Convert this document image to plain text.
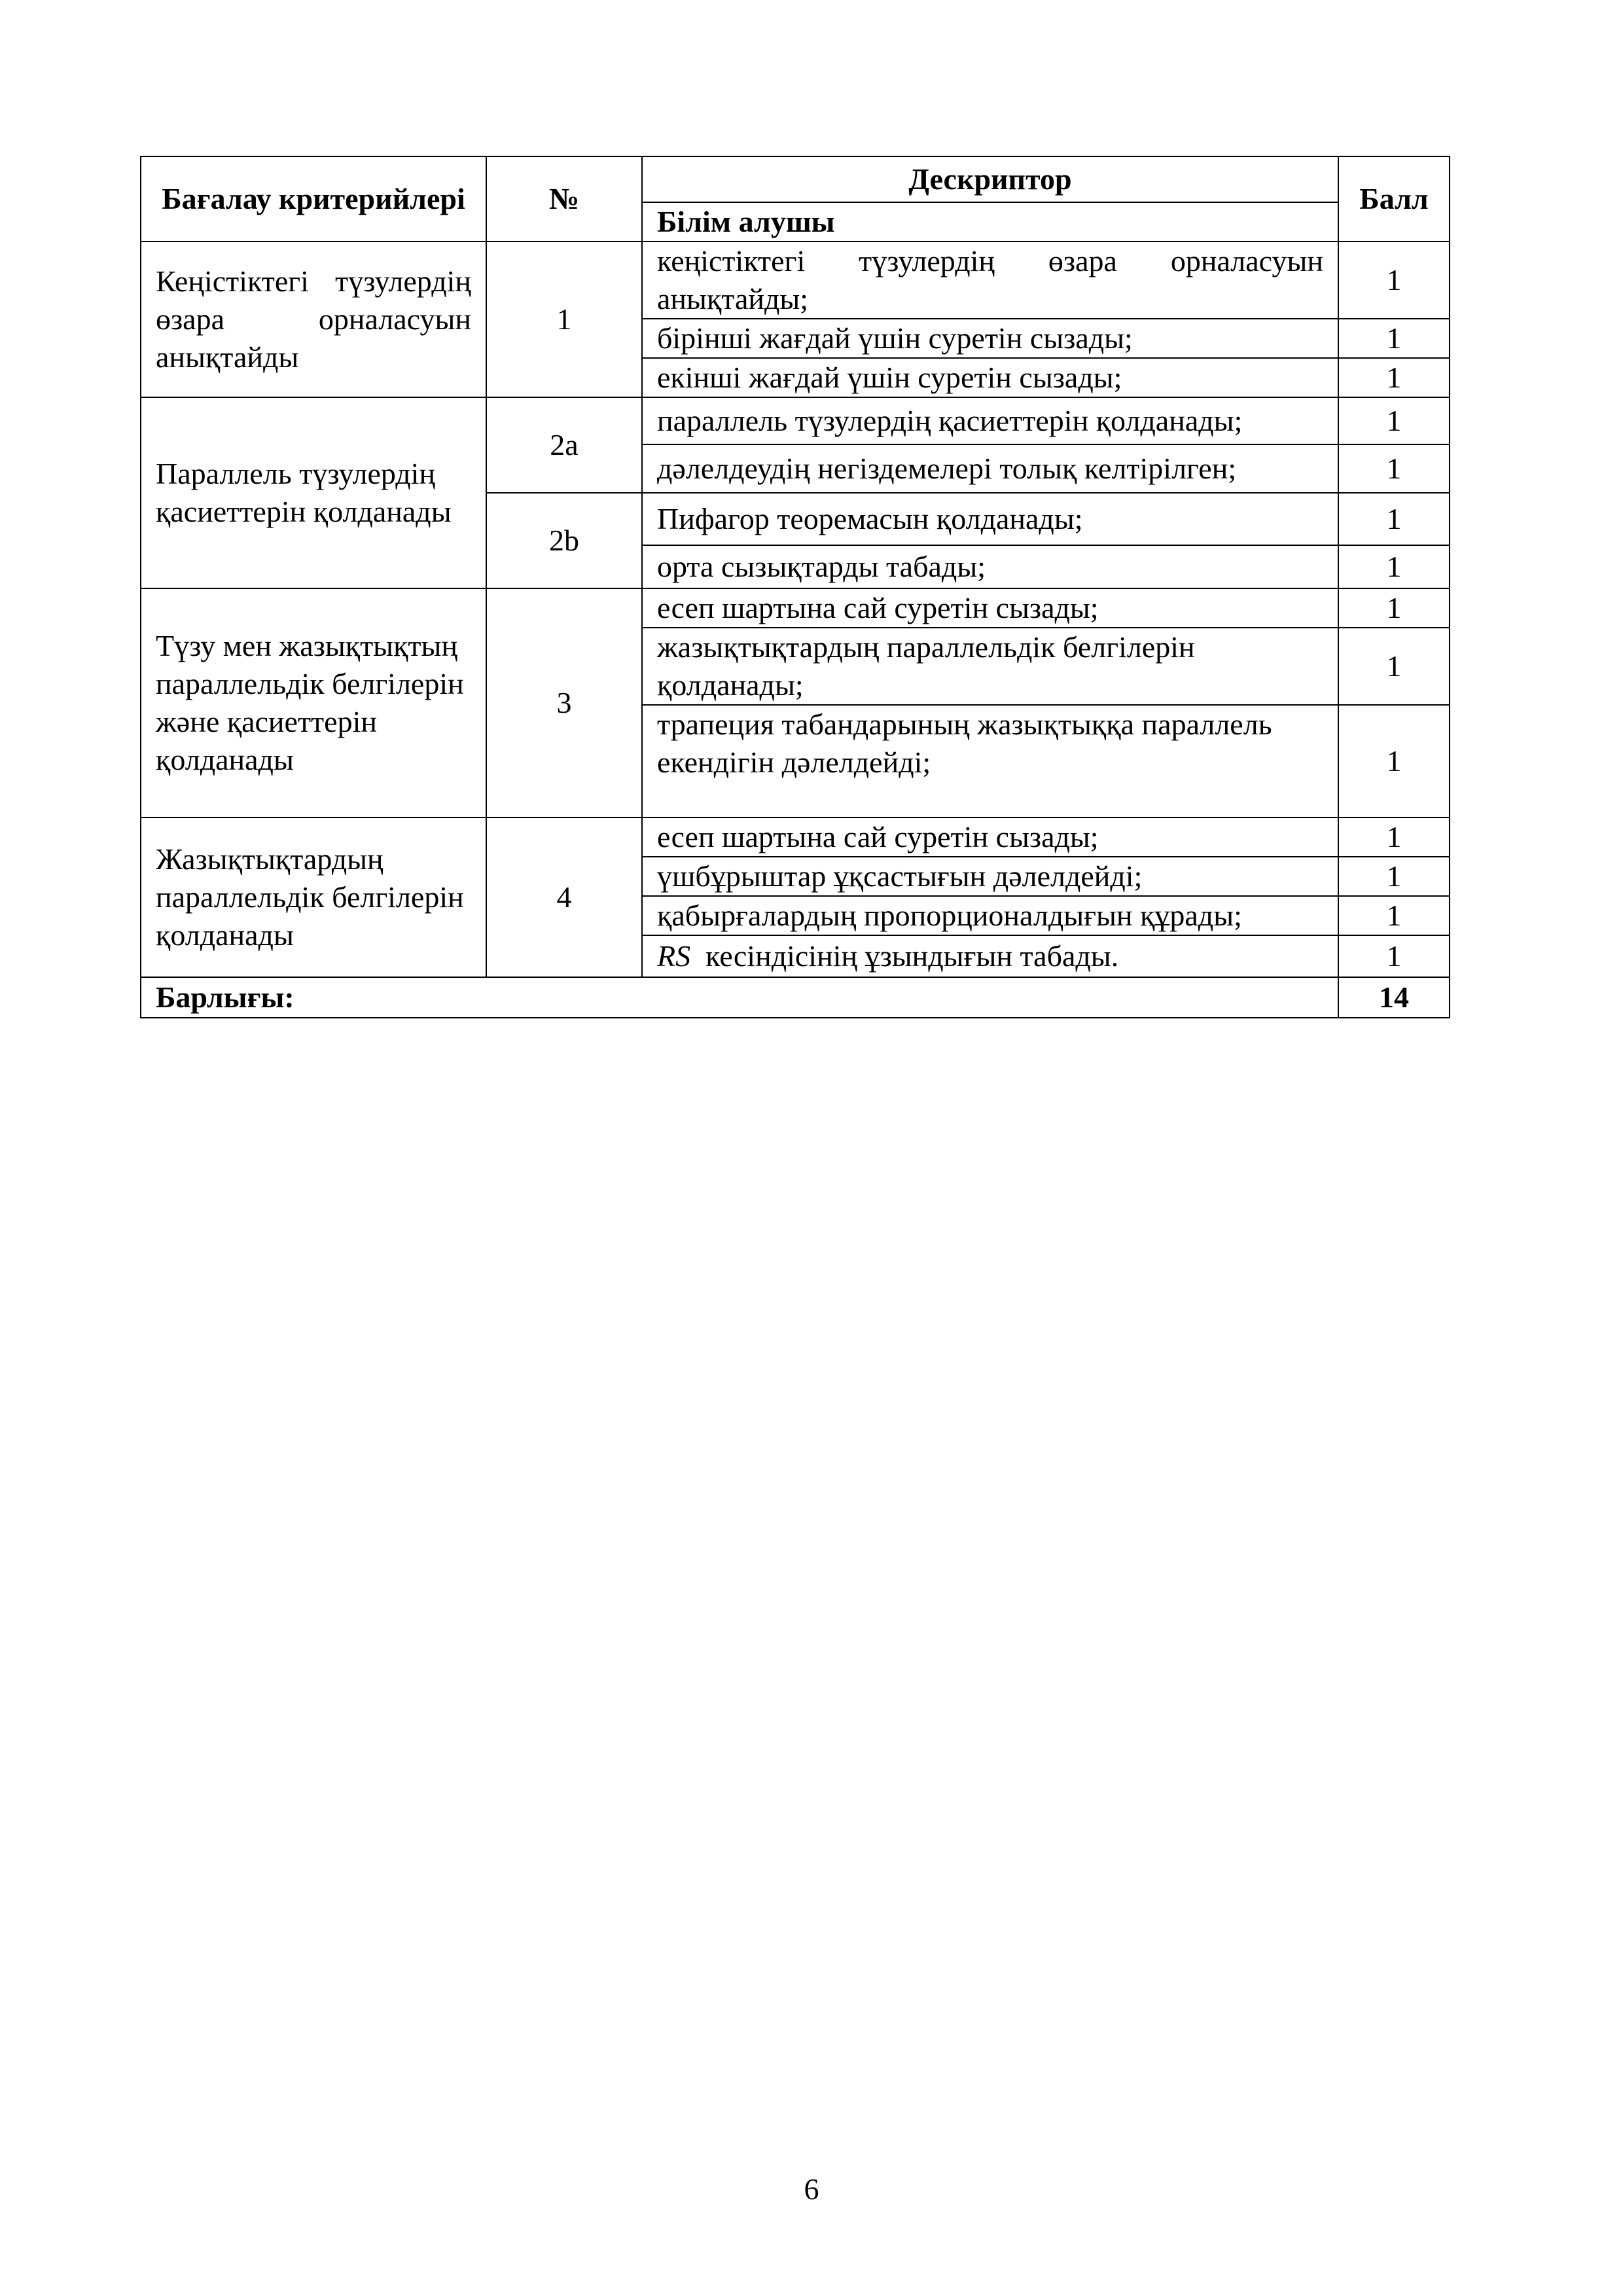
Бағалау критерийлері	№	Дескриптор	Балл
		Білім алушы	
Кеңістіктегі түзулердің өзара орналасуын анықтайды	1	кеңістіктегі түзулердің өзара орналасуын анықтайды;	1
		бірінші жағдай үшін суретін сызады;	1
		екінші жағдай үшін суретін сызады;	1
Параллель түзулердің қасиеттерін қолданады	2a	параллель түзулердің қасиеттерін қолданады;	1
		дәлелдеудің негіздемелері толық келтірілген;	1
	2b	Пифагор теоремасын қолданады;	1
		орта сызықтарды табады;	1
Түзу мен жазықтықтың параллельдік белгілерін және қасиеттерін қолданады	3	есеп шартына сай суретін сызады;	1
		жазықтықтардың параллельдік белгілерін қолданады;	1
		трапеция табандарының жазықтыққа параллель екендігін дәлелдейді;	1
Жазықтықтардың параллельдік белгілерін қолданады	4	есеп шартына сай суретін сызады;	1
		үшбұрыштар ұқсастығын дәлелдейді;	1
		қабырғалардың пропорционалдығын құрады;	1
		RS кесіндісінің ұзындығын табады.	1
Барлығы:			14
6
